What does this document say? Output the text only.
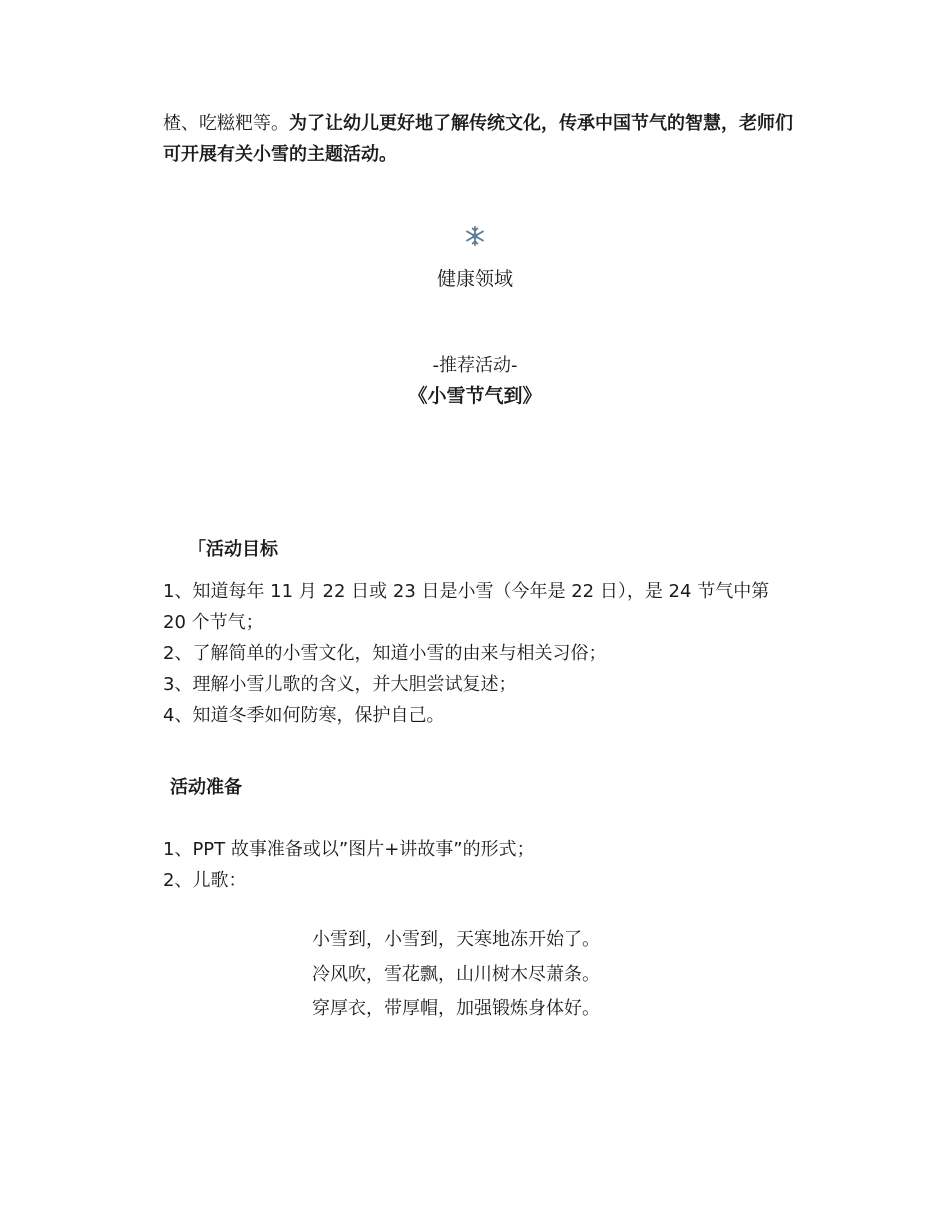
楂、吃糍粑等。为了让幼儿更好地了解传统文化，传承中国节气的智慧，老师们可开展有关小雪的主题活动。
健康领域
-推荐活动-
《小雪节气到》
「活动目标

1、知道每年 11 月 22 日或 23 日是小雪（今年是 22 日），是 24 节气中第 20 个节气；

2、了解简单的小雪文化，知道小雪的由来与相关习俗；

3、理解小雪儿歌的含义，并大胆尝试复述；

4、知道冬季如何防寒，保护自己。

活动准备

1、PPT 故事准备或以”图片+讲故事”的形式；

2、儿歌：

小雪到，小雪到，天寒地冻开始了。

冷风吹，雪花飘，山川树木尽萧条。

穿厚衣，带厚帽，加强锻炼身体好。
